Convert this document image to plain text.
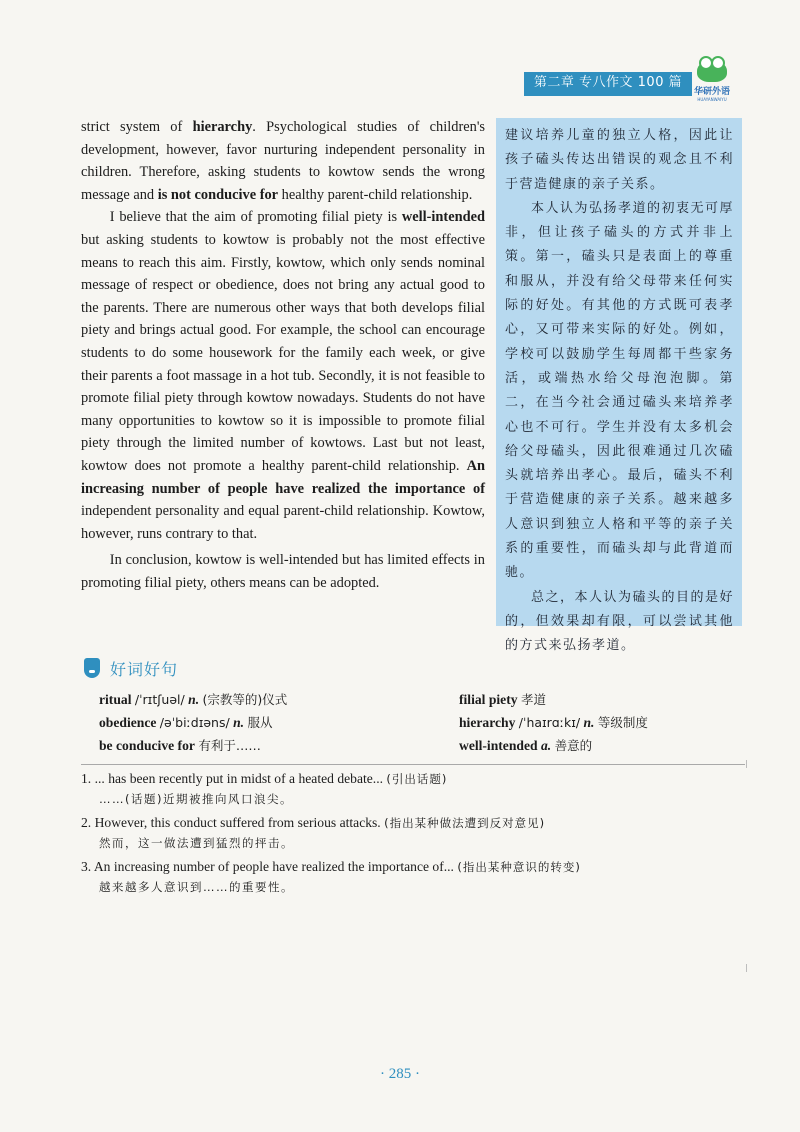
第二章 专八作文 100 篇
华研外语
HUAYANWAIYU

strict system of hierarchy. Psychological studies of children's development, however, favor nurturing independent personality in children. Therefore, asking students to kowtow sends the wrong message and is not conducive for healthy parent-child relationship.

I believe that the aim of promoting filial piety is well-intended but asking students to kowtow is probably not the most effective means to reach this aim. Firstly, kowtow, which only sends nominal message of respect or obedience, does not bring any actual good to the parents. There are numerous other ways that both develops filial piety and brings actual good. For example, the school can encourage students to do some housework for the family each week, or give their parents a foot massage in a hot tub. Secondly, it is not feasible to promote filial piety through kowtow nowadays. Students do not have many opportunities to kowtow so it is impossible to promote filial piety through the limited number of kowtows. Last but not least, kowtow does not promote a healthy parent-child relationship. An increasing number of people have realized the importance of independent personality and equal parent-child relationship. Kowtow, however, runs contrary to that.

In conclusion, kowtow is well-intended but has limited effects in promoting filial piety, others means can be adopted.

建议培养儿童的独立人格，因此让孩子磕头传达出错误的观念且不利于营造健康的亲子关系。

本人认为弘扬孝道的初衷无可厚非，但让孩子磕头的方式并非上策。第一，磕头只是表面上的尊重和服从，并没有给父母带来任何实际的好处。有其他的方式既可表孝心，又可带来实际的好处。例如，学校可以鼓励学生每周都干些家务活，或端热水给父母泡泡脚。第二，在当今社会通过磕头来培养孝心也不可行。学生并没有太多机会给父母磕头，因此很难通过几次磕头就培养出孝心。最后，磕头不利于营造健康的亲子关系。越来越多人意识到独立人格和平等的亲子关系的重要性，而磕头却与此背道而驰。

总之，本人认为磕头的目的是好的，但效果却有限，可以尝试其他的方式来弘扬孝道。

好词好句
ritual /ˈrɪtʃuəl/ n. (宗教等的)仪式	filial piety 孝道
obedience /əˈbiːdɪəns/ n. 服从	hierarchy /ˈhaɪrɑːkɪ/ n. 等级制度
be conducive for 有利于……	well-intended a. 善意的
1. ... has been recently put in midst of a heated debate... (引出话题)
……(话题)近期被推向风口浪尖。
2. However, this conduct suffered from serious attacks. (指出某种做法遭到反对意见)
然而，这一做法遭到猛烈的抨击。
3. An increasing number of people have realized the importance of... (指出某种意识的转变)
越来越多人意识到……的重要性。
· 285 ·
